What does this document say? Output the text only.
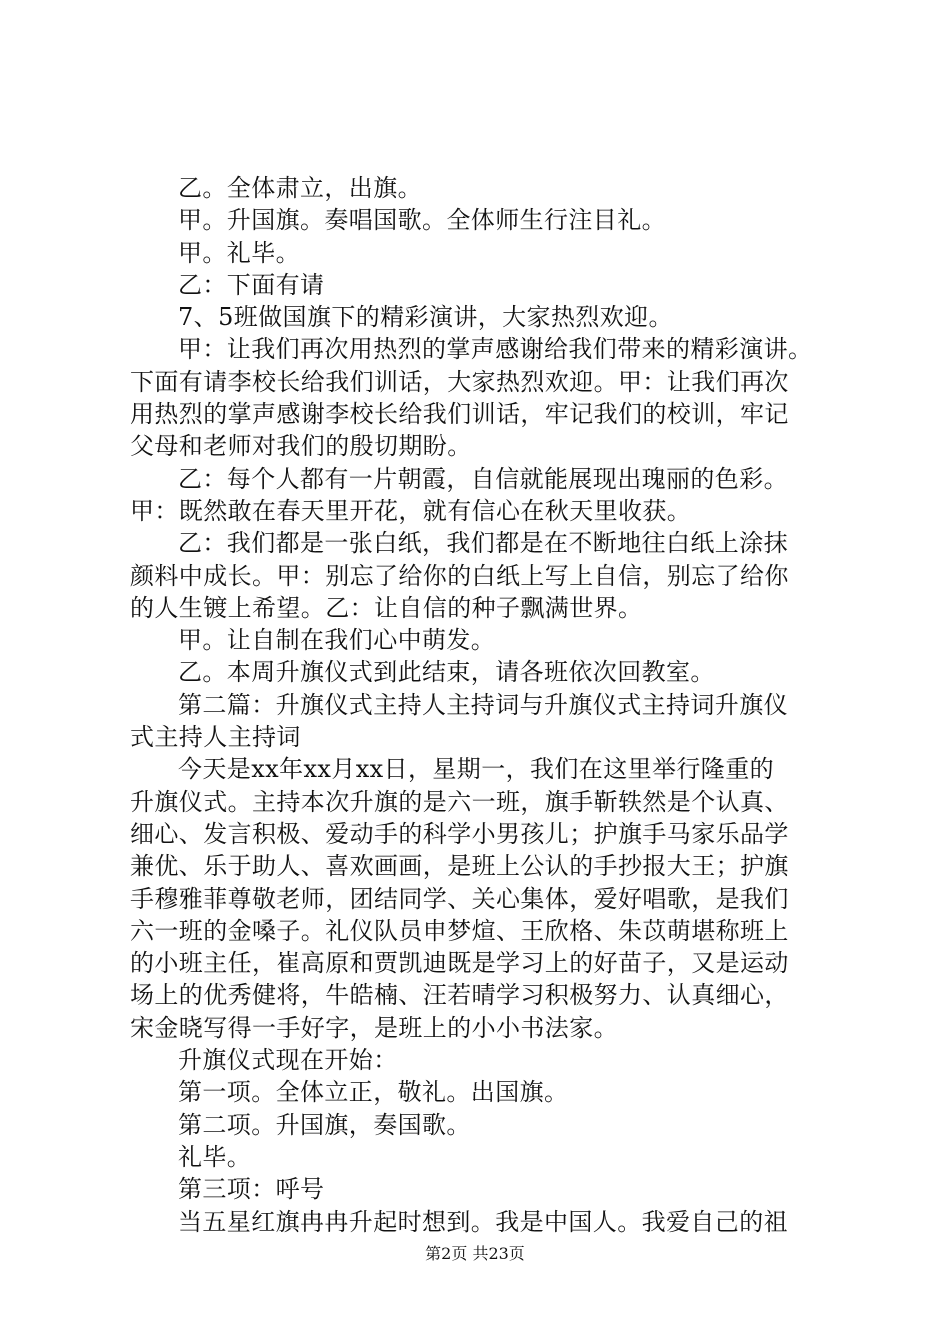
乙。全体肃立，出旗。
甲。升国旗。奏唱国歌。全体师生行注目礼。
甲。礼毕。
乙：下面有请
7、5班做国旗下的精彩演讲，大家热烈欢迎。
甲：让我们再次用热烈的掌声感谢给我们带来的精彩演讲。
下面有请李校长给我们训话，大家热烈欢迎。甲：让我们再次
用热烈的掌声感谢李校长给我们训话，牢记我们的校训，牢记
父母和老师对我们的殷切期盼。
乙：每个人都有一片朝霞，自信就能展现出瑰丽的色彩。
甲：既然敢在春天里开花，就有信心在秋天里收获。
乙：我们都是一张白纸，我们都是在不断地往白纸上涂抹
颜料中成长。甲：别忘了给你的白纸上写上自信，别忘了给你
的人生镀上希望。乙：让自信的种子飘满世界。
甲。让自制在我们心中萌发。
乙。本周升旗仪式到此结束，请各班依次回教室。
第二篇：升旗仪式主持人主持词与升旗仪式主持词升旗仪
式主持人主持词
今天是xx年xx月xx日，星期一，我们在这里举行隆重的
升旗仪式。主持本次升旗的是六一班，旗手靳轶然是个认真、
细心、发言积极、爱动手的科学小男孩儿；护旗手马家乐品学
兼优、乐于助人、喜欢画画，是班上公认的手抄报大王；护旗
手穆雅菲尊敬老师，团结同学、关心集体，爱好唱歌，是我们
六一班的金嗓子。礼仪队员申梦煊、王欣格、朱苡萌堪称班上
的小班主任，崔高原和贾凯迪既是学习上的好苗子，又是运动
场上的优秀健将，牛皓楠、汪若晴学习积极努力、认真细心，
宋金晓写得一手好字，是班上的小小书法家。
升旗仪式现在开始：
第一项。全体立正，敬礼。出国旗。
第二项。升国旗，奏国歌。
礼毕。
第三项：呼号
当五星红旗冉冉升起时想到。我是中国人。我爱自己的祖
第2页 共23页
